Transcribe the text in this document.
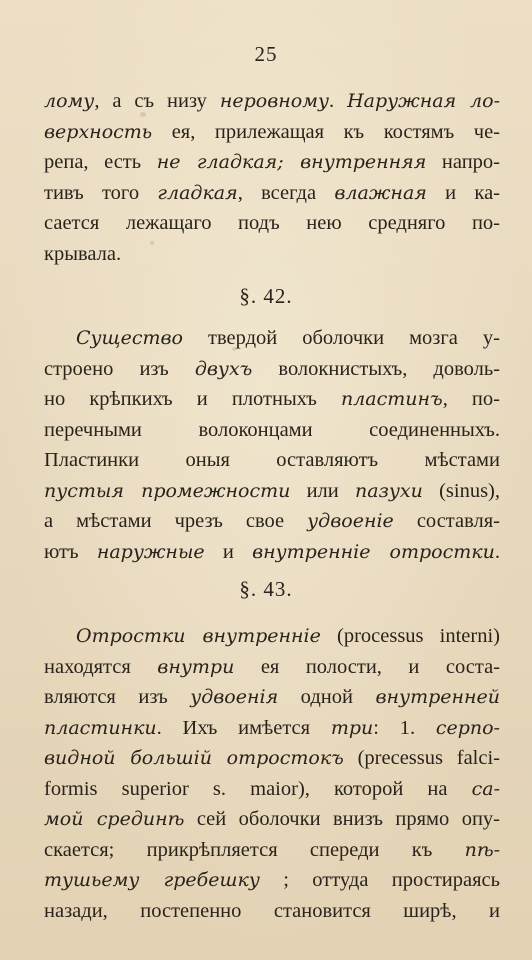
25
лому, а съ низу неровному. Наружная ло-
верхность ея, прилежащая къ костямъ че-
репа, есть не гладкая; внутренняя напро-
тивъ того гладкая, всегда влажная и ка-
сается лежащаго подъ нею средняго по-
крывала.
§. 42.
Существо твердой оболочки мозга у-
строено изъ двухъ волокнистыхъ, доволь-
но крѣпкихъ и плотныхъ пластинъ, по-
перечными волоконцами соединенныхъ.
Пластинки оныя оставляютъ мѣстами
пустыя промежности или пазухи (sinus),
а мѣстами чрезъ свое удвоеніе составля-
ютъ наружные и внутренніе отростки.
§. 43.
Отростки внутренніе (processus interni)
находятся внутри ея полости, и соста-
вляются изъ удвоенія одной внутренней
пластинки. Ихъ имѣется три: 1. серпо-
видной большій отростокъ (precessus falci-
formis superior s. maior), которой на са-
мой срединѣ сей оболочки внизъ прямо опу-
скается; прикрѣпляется спереди къ пѣ-
тушьему гребешку ; оттуда простираясь
назади, постепенно становится ширѣ, и
